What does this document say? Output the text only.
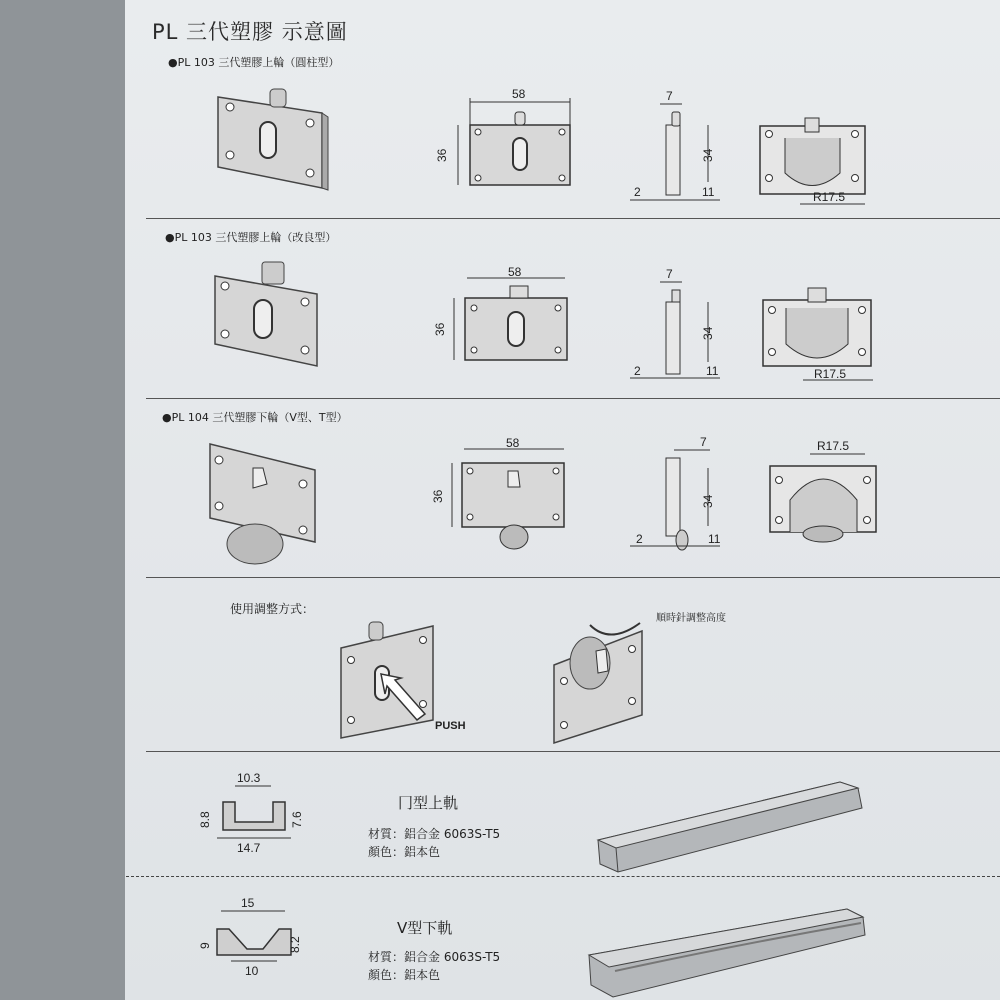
PL 三代塑膠 示意圖
●PL 103 三代塑膠上輪（圓柱型）
●PL 103 三代塑膠上輪（改良型）
●PL 104 三代塑膠下輪（V型、T型）
58
36
7
34
2	11	R17.5
58
36
7
34
2	11	R17.5
58
36
7
34
2	11
R17.5
使用調整方式：
PUSH
順時針調整高度
10.3
8.8	7.6
14.7
冂型上軌
材質：鋁合金 6063S-T5
顏色：鋁本色
15
9	8.2
10
V型下軌
材質：鋁合金 6063S-T5
顏色：鋁本色
